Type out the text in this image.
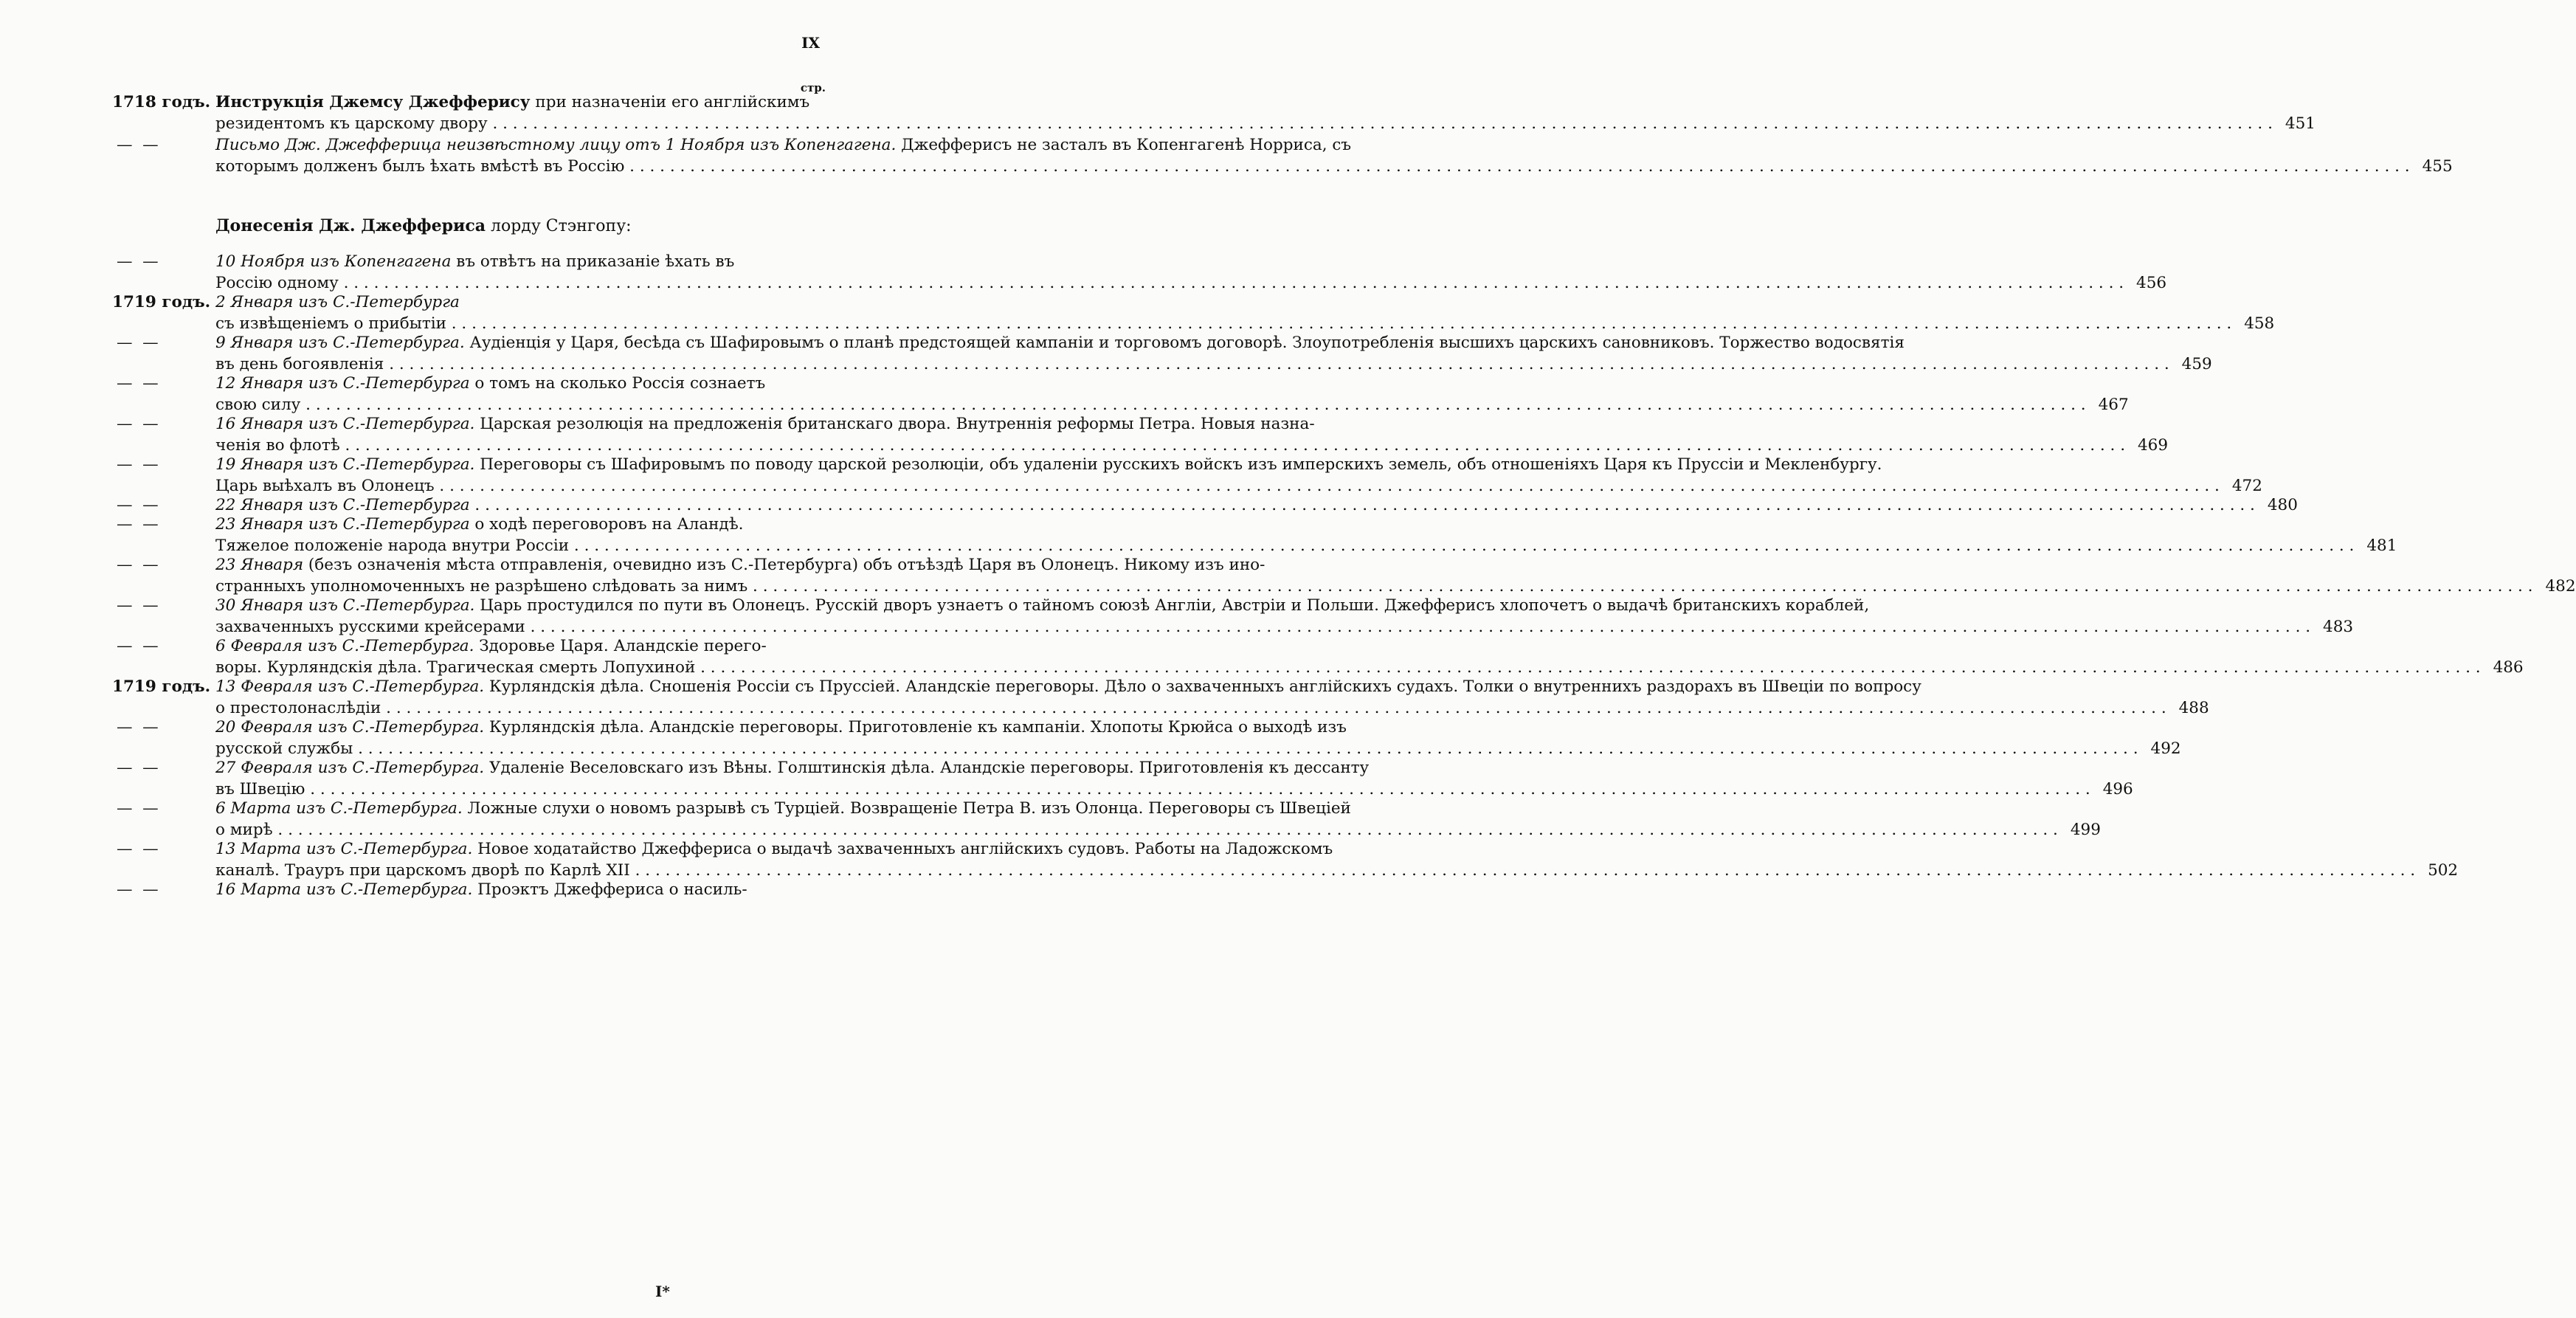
IX
стр.
1718 годъ. Инструкція Джемсу Джефферису при назначеніи его англійскимъ
резидентомъ къ царскому двору . . .	451
—  —	Письмо Дж. Джефферица неизвѣстному лицу отъ 1 Ноября изъ Копенгагена. Джефферисъ не засталъ въ Копенгагенѣ Норриса, съ
которымъ долженъ былъ ѣхать вмѣстѣ въ Россію . . .	455
Донесенія Дж. Джеффериса лорду Стэнгопу:
—  —	10 Ноября изъ Копенгагена въ отвѣтъ на приказаніе ѣхать въ
Россію одному . . .	456
1719 годъ. 2 Января изъ С.-Петербурга
съ извѣщеніемъ о прибытіи . . .	458
—  —	9 Января изъ С.-Петербурга. Аудіенція у Царя, бесѣда съ Шафировымъ о планѣ предстоящей кампаніи и торговомъ договорѣ. Злоупотребленія высшихъ царскихъ сановниковъ. Торжество водосвятія
въ день богоявленія . . .	459
—  —	12 Января изъ С.-Петербурга о томъ на сколько Россія сознаетъ
свою силу . . .	467
—  —	16 Января изъ С.-Петербурга. Царская резолюція на предложенія британскаго двора. Внутреннія реформы Петра. Новыя назна-
ченія во флотѣ . . .	469
—  —	19 Января изъ С.-Петербурга. Переговоры съ Шафировымъ по поводу царской резолюціи, объ удаленіи русскихъ войскъ изъ имперскихъ земель, объ отношеніяхъ Царя къ Пруссіи и Мекленбургу.
Царь выѣхалъ въ Олонецъ . . .	472
—  —	22 Января изъ С.-Петербурга . . .	480
—  —	23 Января изъ С.-Петербурга о ходѣ переговоровъ на Аландѣ.
Тяжелое положеніе народа внутри Россіи . . .	481
—  —	23 Января (безъ означенія мѣста отправленія, очевидно изъ С.-Петербурга) объ отъѣздѣ Царя въ Олонецъ. Никому изъ ино-
странныхъ уполномоченныхъ не разрѣшено слѣдовать за нимъ . . .	482
—  —	30 Января изъ С.-Петербурга. Царь простудился по пути въ Олонецъ. Русскій дворъ узнаетъ о тайномъ союзѣ Англіи, Австріи и Польши. Джефферисъ хлопочетъ о выдачѣ британскихъ кораблей,
захваченныхъ русскими крейсерами . . .	483
—  —	6 Февраля изъ С.-Петербурга. Здоровье Царя. Аландскіе перего-
воры. Курляндскія дѣла. Трагическая смерть Лопухиной . . .	486
1719 годъ. 13 Февраля изъ С.-Петербурга. Курляндскія дѣла. Сношенія Россіи съ Пруссіей. Аландскіе переговоры. Дѣло о захваченныхъ англійскихъ судахъ. Толки о внутреннихъ раздорахъ въ Швеціи по вопросу
о престолонаслѣдіи . . .	488
—  —	20 Февраля изъ С.-Петербурга. Курляндскія дѣла. Аландскіе переговоры. Приготовленіе къ кампаніи. Хлопоты Крюйса о выходѣ изъ
русской службы . . .	492
—  —	27 Февраля изъ С.-Петербурга. Удаленіе Веселовскаго изъ Вѣны. Голштинскія дѣла. Аландскіе переговоры. Приготовленія къ дессанту
въ Швецію . . .	496
—  —	6 Марта изъ С.-Петербурга. Ложные слухи о новомъ разрывѣ съ Турціей. Возвращеніе Петра В. изъ Олонца. Переговоры съ Швеціей
о мирѣ . . .	499
—  —	13 Марта изъ С.-Петербурга. Новое ходатайство Джеффериса о выдачѣ захваченныхъ англійскихъ судовъ. Работы на Ладожскомъ
каналѣ. Трауръ при царскомъ дворѣ по Карлѣ XII . . .	502
—  —	16 Марта изъ С.-Петербурга. Проэктъ Джеффериса о насиль-
I*
